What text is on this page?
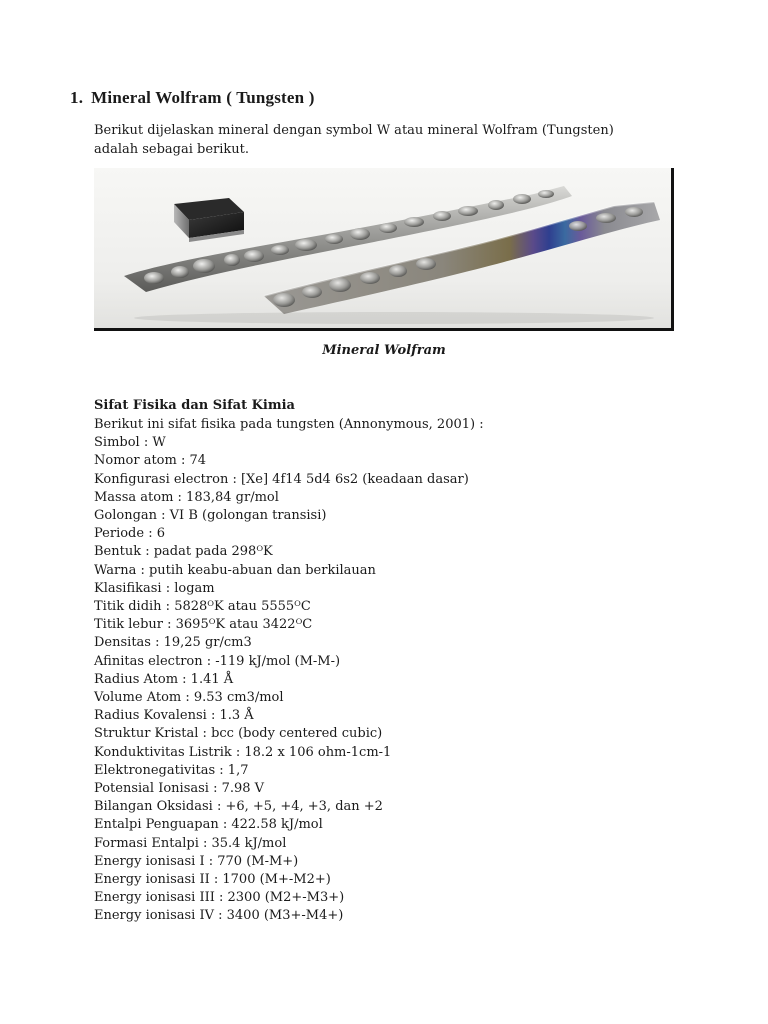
1. Mineral Wolfram ( Tungsten )
Berikut dijelaskan mineral dengan symbol W atau mineral Wolfram (Tungsten) adalah sebagai berikut.
Mineral Wolfram
Sifat Fisika dan Sifat Kimia
Berikut ini sifat fisika pada tungsten (Annonymous, 2001) :
Simbol : W
Nomor atom : 74
Konfigurasi electron : [Xe] 4f14 5d4 6s2 (keadaan dasar)
Massa atom : 183,84 gr/mol
Golongan : VI B (golongan transisi)
Periode : 6
Bentuk : padat pada 298ᴼK
Warna : putih keabu-abuan dan berkilauan
Klasifikasi : logam
Titik didih : 5828ᴼK atau 5555ᴼC
Titik lebur : 3695ᴼK atau 3422ᴼC
Densitas : 19,25 gr/cm3
Afinitas electron : -119 kJ/mol (M-M-)
Radius Atom : 1.41 Å
Volume Atom : 9.53 cm3/mol
Radius Kovalensi : 1.3 Å
Struktur Kristal : bcc (body centered cubic)
Konduktivitas Listrik : 18.2 x 106 ohm-1cm-1
Elektronegativitas : 1,7
Potensial Ionisasi : 7.98 V
Bilangan Oksidasi : +6, +5, +4, +3, dan +2
Entalpi Penguapan : 422.58 kJ/mol
Formasi Entalpi : 35.4 kJ/mol
Energy ionisasi I : 770 (M-M+)
Energy ionisasi II : 1700 (M+-M2+)
Energy ionisasi III : 2300 (M2+-M3+)
Energy ionisasi IV : 3400 (M3+-M4+)
